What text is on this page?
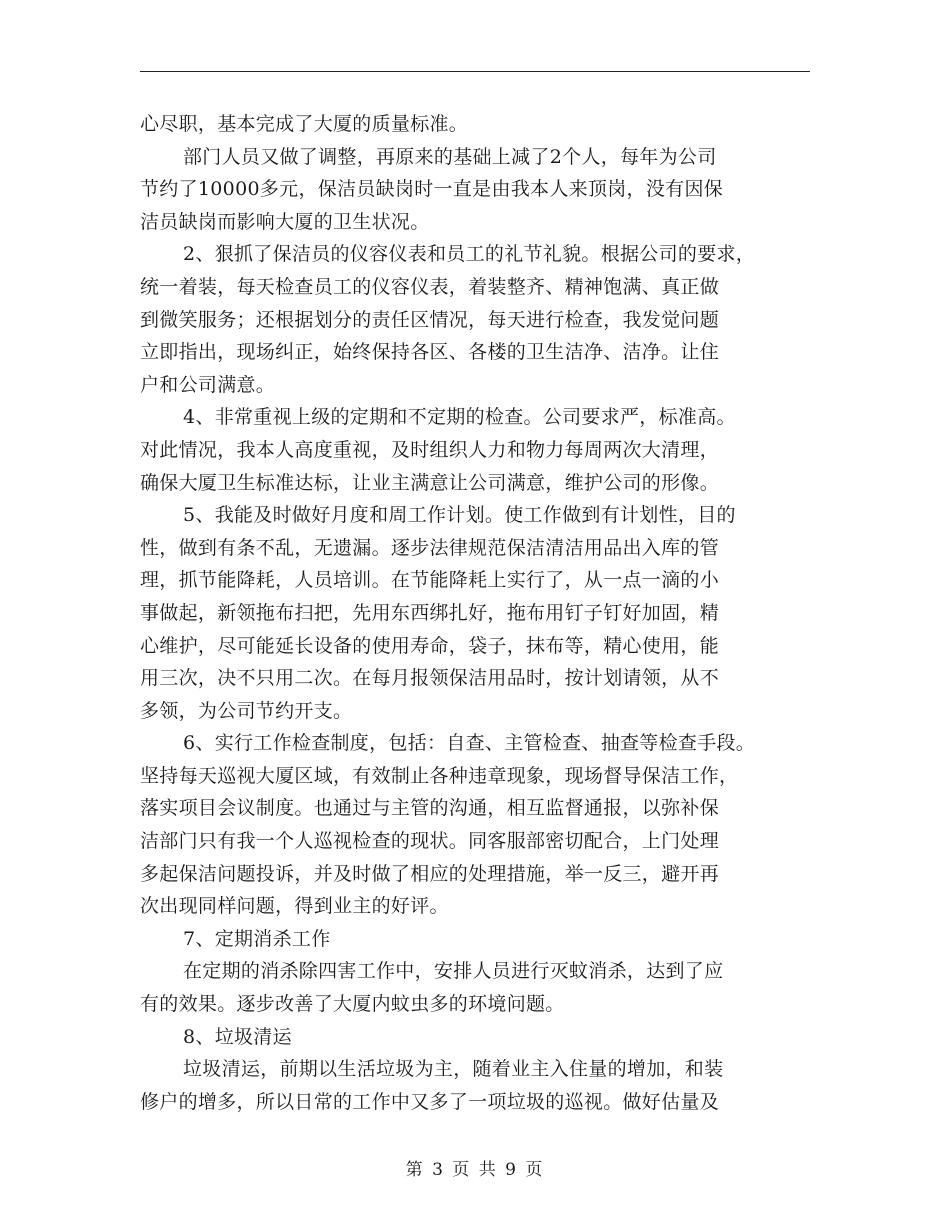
心尽职，基本完成了大厦的质量标准。
部门人员又做了调整，再原来的基础上减了2个人，每年为公司
节约了10000多元，保洁员缺岗时一直是由我本人来顶岗，没有因保
洁员缺岗而影响大厦的卫生状况。
2、狠抓了保洁员的仪容仪表和员工的礼节礼貌。根据公司的要求，
统一着装，每天检查员工的仪容仪表，着装整齐、精神饱满、真正做
到微笑服务；还根据划分的责任区情况，每天进行检查，我发觉问题
立即指出，现场纠正，始终保持各区、各楼的卫生洁净、洁净。让住
户和公司满意。
4、非常重视上级的定期和不定期的检查。公司要求严，标准高。
对此情况，我本人高度重视，及时组织人力和物力每周两次大清理，
确保大厦卫生标准达标，让业主满意让公司满意，维护公司的形像。
5、我能及时做好月度和周工作计划。使工作做到有计划性，目的
性，做到有条不乱，无遗漏。逐步法律规范保洁清洁用品出入库的管
理，抓节能降耗，人员培训。在节能降耗上实行了，从一点一滴的小
事做起，新领拖布扫把，先用东西绑扎好，拖布用钉子钉好加固，精
心维护，尽可能延长设备的使用寿命，袋子，抹布等，精心使用，能
用三次，决不只用二次。在每月报领保洁用品时，按计划请领，从不
多领，为公司节约开支。
6、实行工作检查制度，包括：自查、主管检查、抽查等检查手段。
坚持每天巡视大厦区域，有效制止各种违章现象，现场督导保洁工作，
落实项目会议制度。也通过与主管的沟通，相互监督通报，以弥补保
洁部门只有我一个人巡视检查的现状。同客服部密切配合，上门处理
多起保洁问题投诉，并及时做了相应的处理措施，举一反三，避开再
次出现同样问题，得到业主的好评。
7、定期消杀工作
在定期的消杀除四害工作中，安排人员进行灭蚊消杀，达到了应
有的效果。逐步改善了大厦内蚊虫多的环境问题。
8、垃圾清运
垃圾清运，前期以生活垃圾为主，随着业主入住量的增加，和装
修户的增多，所以日常的工作中又多了一项垃圾的巡视。做好估量及
第 3 页 共 9 页
